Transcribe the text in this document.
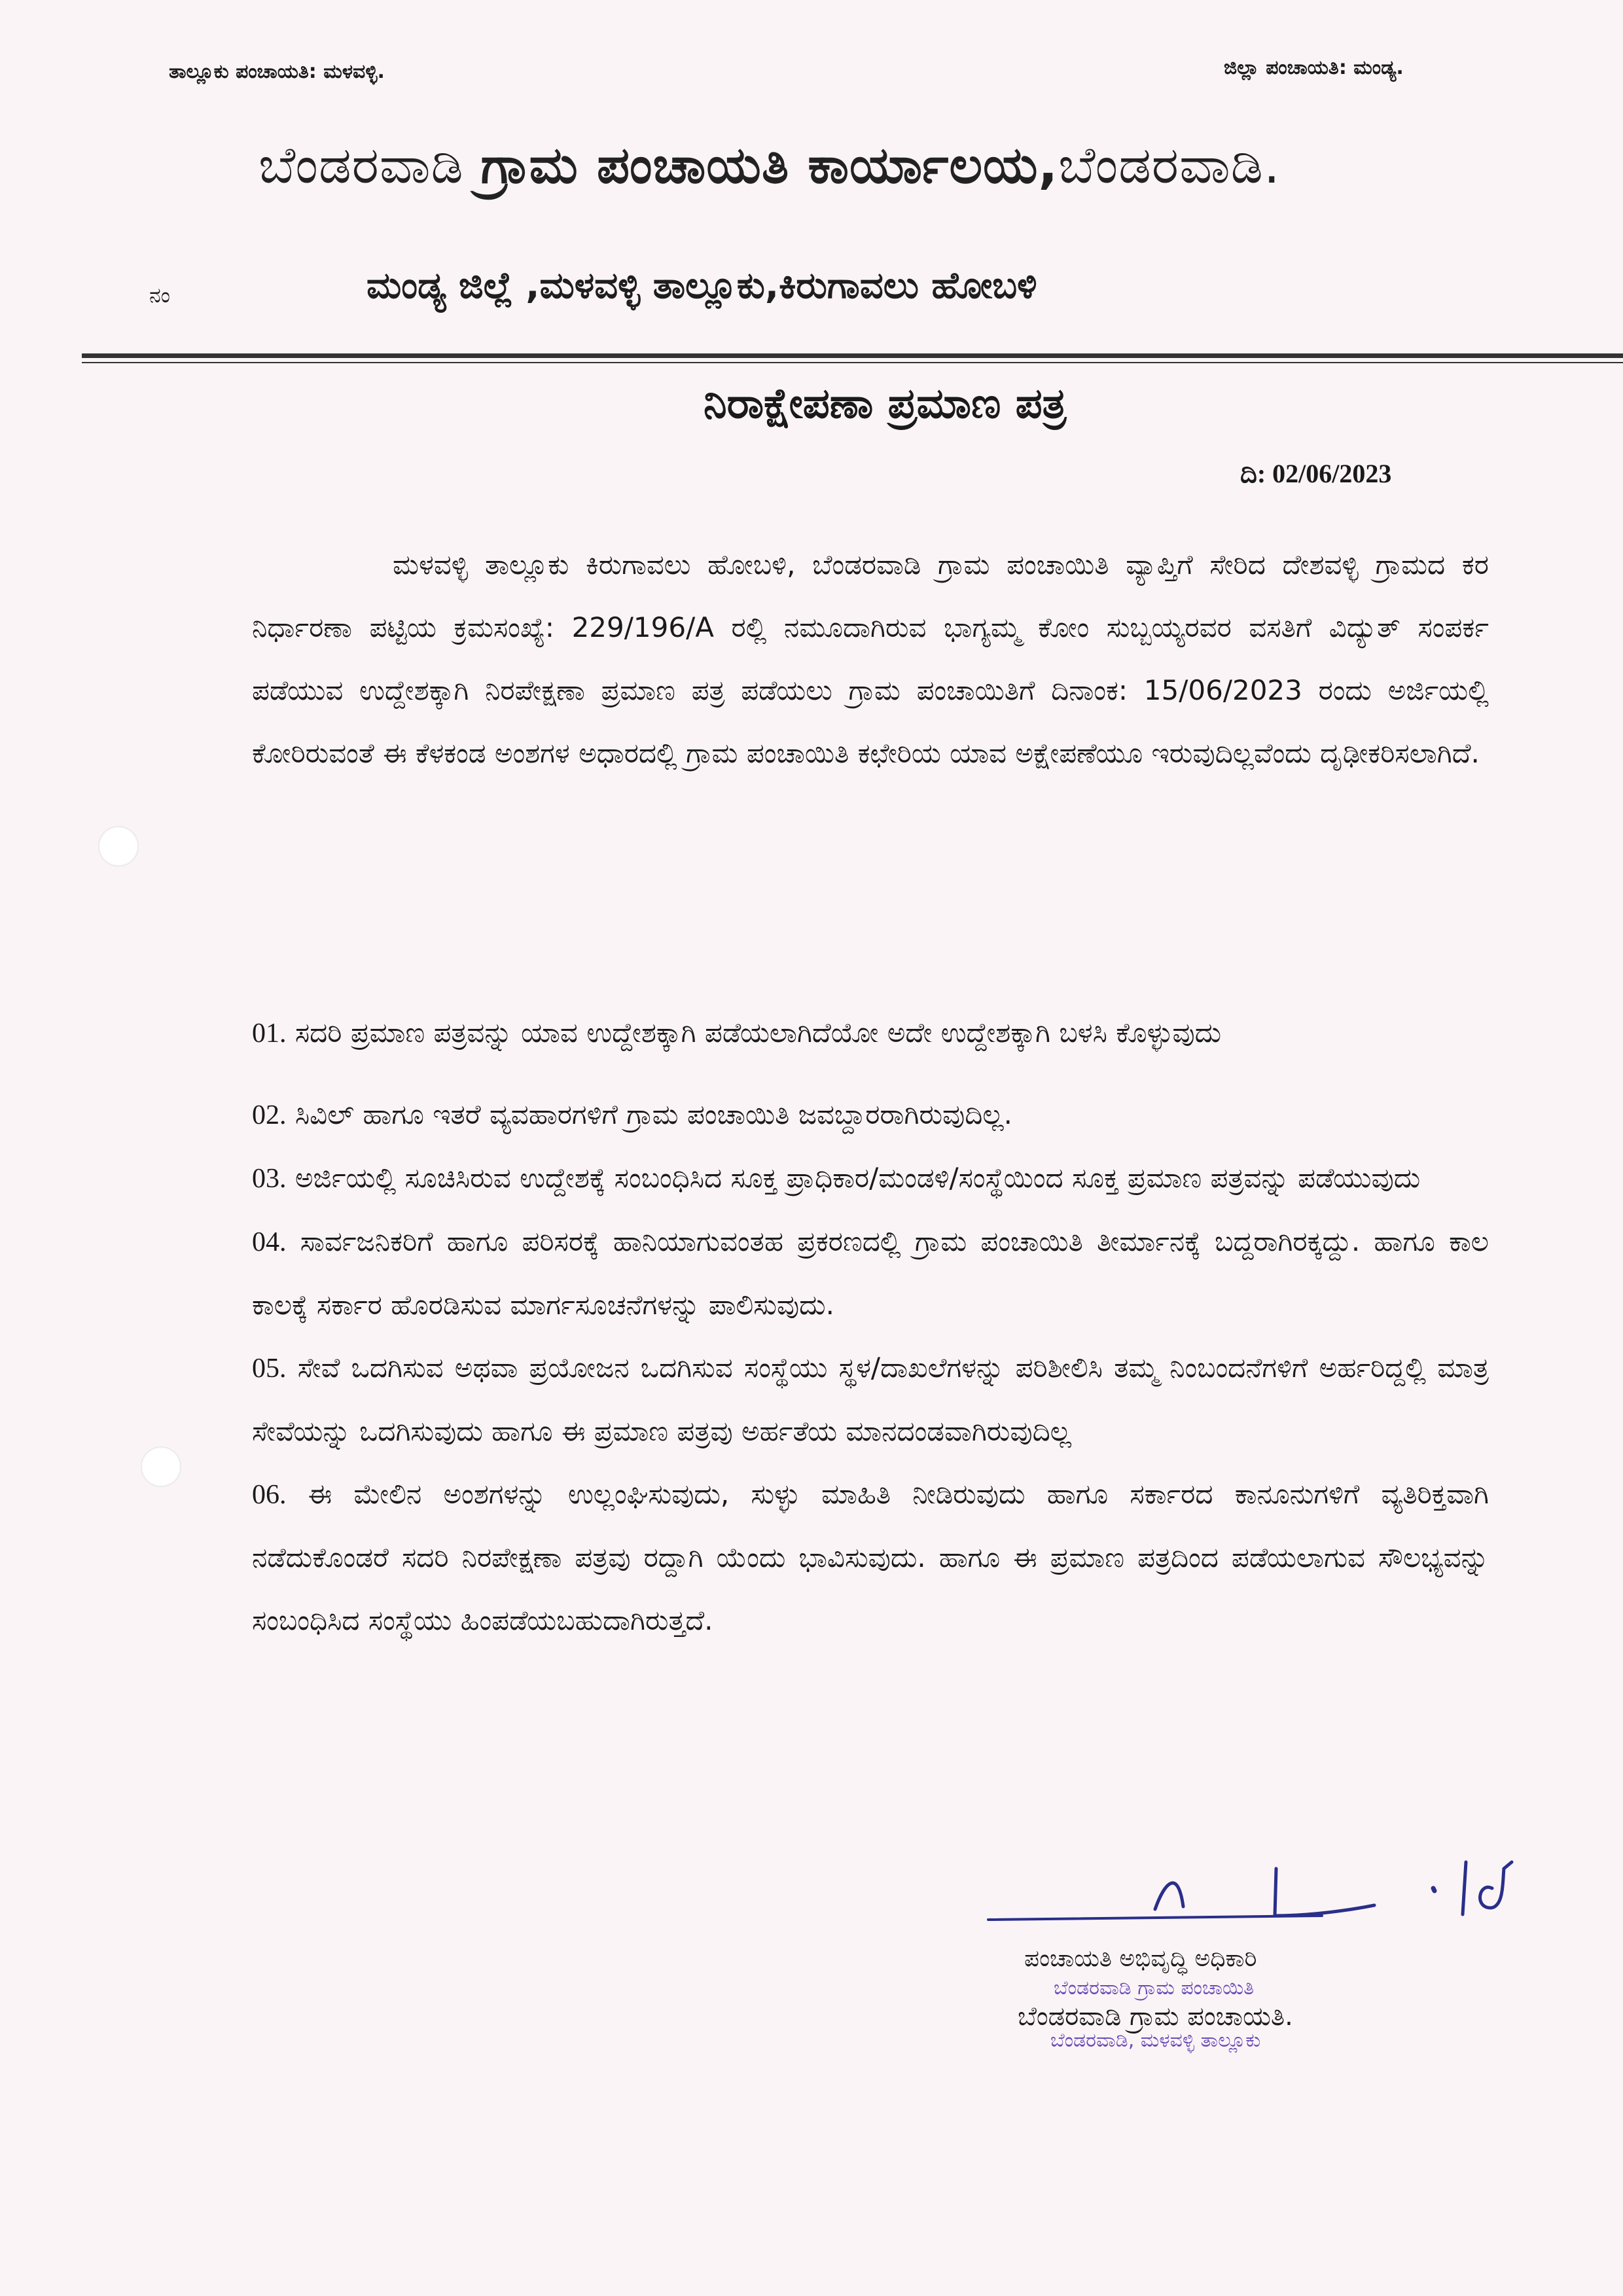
ತಾಲ್ಲೂಕು ಪಂಚಾಯತಿ: ಮಳವಳ್ಳಿ.	ಜಿಲ್ಲಾ ಪಂಚಾಯತಿ: ಮಂಡ್ಯ.
ಬೆಂಡರವಾಡಿ ಗ್ರಾಮ ಪಂಚಾಯತಿ ಕಾರ್ಯಾಲಯ,ಬೆಂಡರವಾಡಿ.
ನಂ	ಮಂಡ್ಯ ಜಿಲ್ಲೆ ,ಮಳವಳ್ಳಿ ತಾಲ್ಲೂಕು,ಕಿರುಗಾವಲು ಹೋಬಳಿ
ನಿರಾಕ್ಷೇಪಣಾ ಪ್ರಮಾಣ ಪತ್ರ
ದಿ: 02/06/2023
ಮಳವಳ್ಳಿ ತಾಲ್ಲೂಕು ಕಿರುಗಾವಲು ಹೋಬಳಿ, ಬೆಂಡರವಾಡಿ ಗ್ರಾಮ ಪಂಚಾಯಿತಿ ವ್ಯಾಪ್ತಿಗೆ ಸೇರಿದ ದೇಶವಳ್ಳಿ ಗ್ರಾಮದ ಕರ ನಿರ್ಧಾರಣಾ ಪಟ್ಟಿಯ ಕ್ರಮಸಂಖ್ಯೆ: 229/196/A ರಲ್ಲಿ ನಮೂದಾಗಿರುವ ಭಾಗ್ಯಮ್ಮ ಕೋಂ ಸುಬ್ಬಯ್ಯರವರ ವಸತಿಗೆ ವಿದ್ಯುತ್ ಸಂಪರ್ಕ ಪಡೆಯುವ ಉದ್ದೇಶಕ್ಕಾಗಿ ನಿರಪೇಕ್ಷಣಾ ಪ್ರಮಾಣ ಪತ್ರ ಪಡೆಯಲು ಗ್ರಾಮ ಪಂಚಾಯಿತಿಗೆ ದಿನಾಂಕ: 15/06/2023 ರಂದು ಅರ್ಜಿಯಲ್ಲಿ ಕೋರಿರುವಂತೆ ಈ ಕೆಳಕಂಡ ಅಂಶಗಳ ಅಧಾರದಲ್ಲಿ ಗ್ರಾಮ ಪಂಚಾಯಿತಿ ಕಛೇರಿಯ ಯಾವ ಅಕ್ಷೇಪಣೆಯೂ ಇರುವುದಿಲ್ಲವೆಂದು ದೃಢೀಕರಿಸಲಾಗಿದೆ.

01. ಸದರಿ ಪ್ರಮಾಣ ಪತ್ರವನ್ನು ಯಾವ ಉದ್ದೇಶಕ್ಕಾಗಿ ಪಡೆಯಲಾಗಿದೆಯೋ ಅದೇ ಉದ್ದೇಶಕ್ಕಾಗಿ ಬಳಸಿ ಕೊಳ್ಳುವುದು

02. ಸಿವಿಲ್ ಹಾಗೂ ಇತರೆ ವ್ಯವಹಾರಗಳಿಗೆ ಗ್ರಾಮ ಪಂಚಾಯಿತಿ ಜವಬ್ದಾರರಾಗಿರುವುದಿಲ್ಲ.

03. ಅರ್ಜಿಯಲ್ಲಿ ಸೂಚಿಸಿರುವ ಉದ್ದೇಶಕ್ಕೆ ಸಂಬಂಧಿಸಿದ ಸೂಕ್ತ ಪ್ರಾಧಿಕಾರ/ಮಂಡಳಿ/ಸಂಸ್ಥೆಯಿಂದ ಸೂಕ್ತ ಪ್ರಮಾಣ ಪತ್ರವನ್ನು ಪಡೆಯುವುದು

04. ಸಾರ್ವಜನಿಕರಿಗೆ ಹಾಗೂ ಪರಿಸರಕ್ಕೆ ಹಾನಿಯಾಗುವಂತಹ ಪ್ರಕರಣದಲ್ಲಿ ಗ್ರಾಮ ಪಂಚಾಯಿತಿ ತೀರ್ಮಾನಕ್ಕೆ ಬದ್ದರಾಗಿರಕ್ಕದ್ದು. ಹಾಗೂ ಕಾಲ ಕಾಲಕ್ಕೆ ಸರ್ಕಾರ ಹೊರಡಿಸುವ ಮಾರ್ಗಸೂಚನೆಗಳನ್ನು ಪಾಲಿಸುವುದು.

05. ಸೇವೆ ಒದಗಿಸುವ ಅಥವಾ ಪ್ರಯೋಜನ ಒದಗಿಸುವ ಸಂಸ್ಥೆಯು ಸ್ಥಳ/ದಾಖಲೆಗಳನ್ನು ಪರಿಶೀಲಿಸಿ ತಮ್ಮ ನಿಂಬಂದನೆಗಳಿಗೆ ಅರ್ಹರಿದ್ದಲ್ಲಿ ಮಾತ್ರ ಸೇವೆಯನ್ನು ಒದಗಿಸುವುದು ಹಾಗೂ ಈ ಪ್ರಮಾಣ ಪತ್ರವು ಅರ್ಹತೆಯ ಮಾನದಂಡವಾಗಿರುವುದಿಲ್ಲ

06. ಈ ಮೇಲಿನ ಅಂಶಗಳನ್ನು ಉಲ್ಲಂಘಿಸುವುದು, ಸುಳ್ಳು ಮಾಹಿತಿ ನೀಡಿರುವುದು ಹಾಗೂ ಸರ್ಕಾರದ ಕಾನೂನುಗಳಿಗೆ ವ್ಯತಿರಿಕ್ತವಾಗಿ ನಡೆದುಕೊಂಡರೆ ಸದರಿ ನಿರಪೇಕ್ಷಣಾ ಪತ್ರವು ರದ್ದಾಗಿ ಯೆಂದು ಭಾವಿಸುವುದು. ಹಾಗೂ ಈ ಪ್ರಮಾಣ ಪತ್ರದಿಂದ ಪಡೆಯಲಾಗುವ ಸೌಲಭ್ಯವನ್ನು ಸಂಬಂಧಿಸಿದ ಸಂಸ್ಥೆಯು ಹಿಂಪಡೆಯಬಹುದಾಗಿರುತ್ತದೆ.

ಪಂಚಾಯತಿ ಅಭಿವೃದ್ಧಿ ಅಧಿಕಾರಿ
ಬೆಂಡರವಾಡಿ ಗ್ರಾಮ ಪಂಚಾಯಿತಿ
ಬೆಂಡರವಾಡಿ ಗ್ರಾಮ ಪಂಚಾಯತಿ.
ಬೆಂಡರವಾಡಿ, ಮಳವಳ್ಳಿ ತಾಲ್ಲೂಕು
